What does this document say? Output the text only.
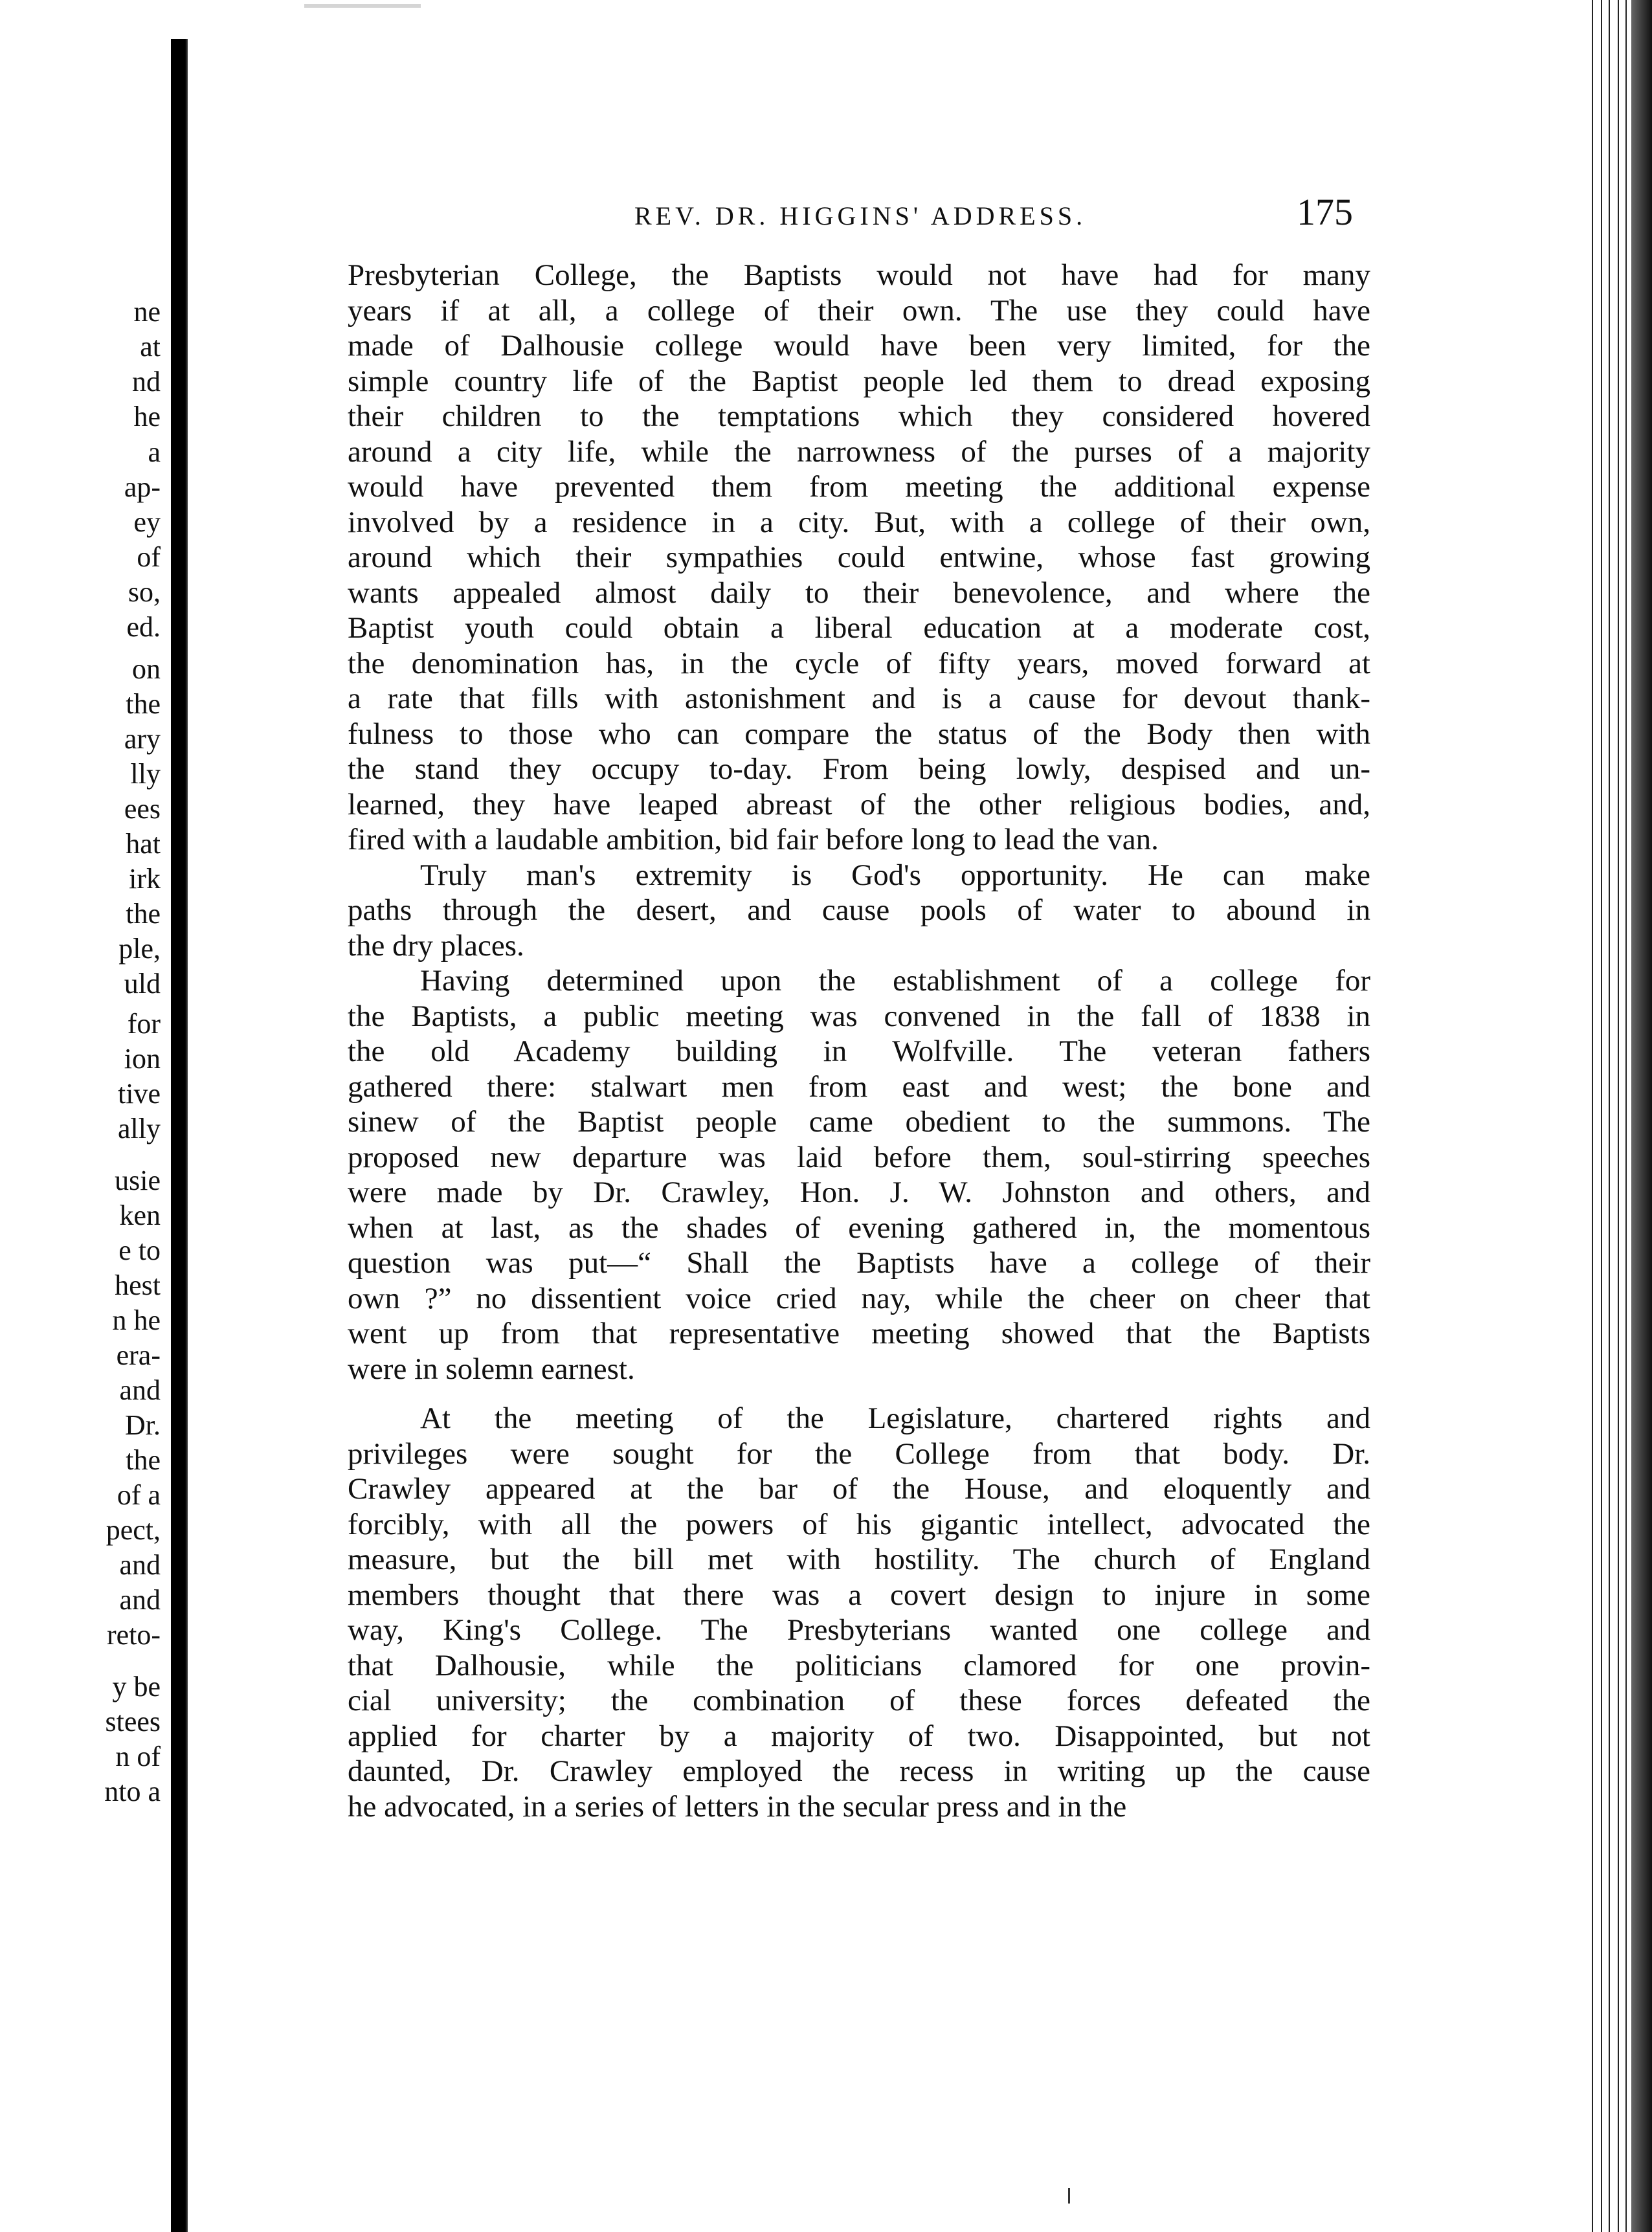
ne
at
nd
he
a
ap-
ey
of
so,
ed.
on
the
ary
lly
ees
hat
irk
the
ple,
uld
for
ion
tive
ally
usie
ken
e to
hest
n he
era-
and
Dr.
the
of a
pect,
and
and
reto-
y be
stees
n of
nto a
REV. DR. HIGGINS' ADDRESS.	175
Presbyterian College, the Baptists would not have had for many
years if at all, a college of their own. The use they could have
made of Dalhousie college would have been very limited, for the
simple country life of the Baptist people led them to dread exposing
their children to the temptations which they considered hovered
around a city life, while the narrowness of the purses of a majority
would have prevented them from meeting the additional expense
involved by a residence in a city. But, with a college of their own,
around which their sympathies could entwine, whose fast growing
wants appealed almost daily to their benevolence, and where the
Baptist youth could obtain a liberal education at a moderate cost,
the denomination has, in the cycle of fifty years, moved forward at
a rate that fills with astonishment and is a cause for devout thank-
fulness to those who can compare the status of the Body then with
the stand they occupy to-day. From being lowly, despised and un-
learned, they have leaped abreast of the other religious bodies, and,
fired with a laudable ambition, bid fair before long to lead the van.
Truly man's extremity is God's opportunity. He can make
paths through the desert, and cause pools of water to abound in
the dry places.
Having determined upon the establishment of a college for
the Baptists, a public meeting was convened in the fall of 1838 in
the old Academy building in Wolfville. The veteran fathers
gathered there: stalwart men from east and west; the bone and
sinew of the Baptist people came obedient to the summons. The
proposed new departure was laid before them, soul-stirring speeches
were made by Dr. Crawley, Hon. J. W. Johnston and others, and
when at last, as the shades of evening gathered in, the momentous
question was put—“ Shall the Baptists have a college of their
own ?” no dissentient voice cried nay, while the cheer on cheer that
went up from that representative meeting showed that the Baptists
were in solemn earnest.
At the meeting of the Legislature, chartered rights and
privileges were sought for the College from that body. Dr.
Crawley appeared at the bar of the House, and eloquently and
forcibly, with all the powers of his gigantic intellect, advocated the
measure, but the bill met with hostility. The church of England
members thought that there was a covert design to injure in some
way, King's College. The Presbyterians wanted one college and
that Dalhousie, while the politicians clamored for one provin-
cial university; the combination of these forces defeated the
applied for charter by a majority of two. Disappointed, but not
daunted, Dr. Crawley employed the recess in writing up the cause
he advocated, in a series of letters in the secular press and in the
